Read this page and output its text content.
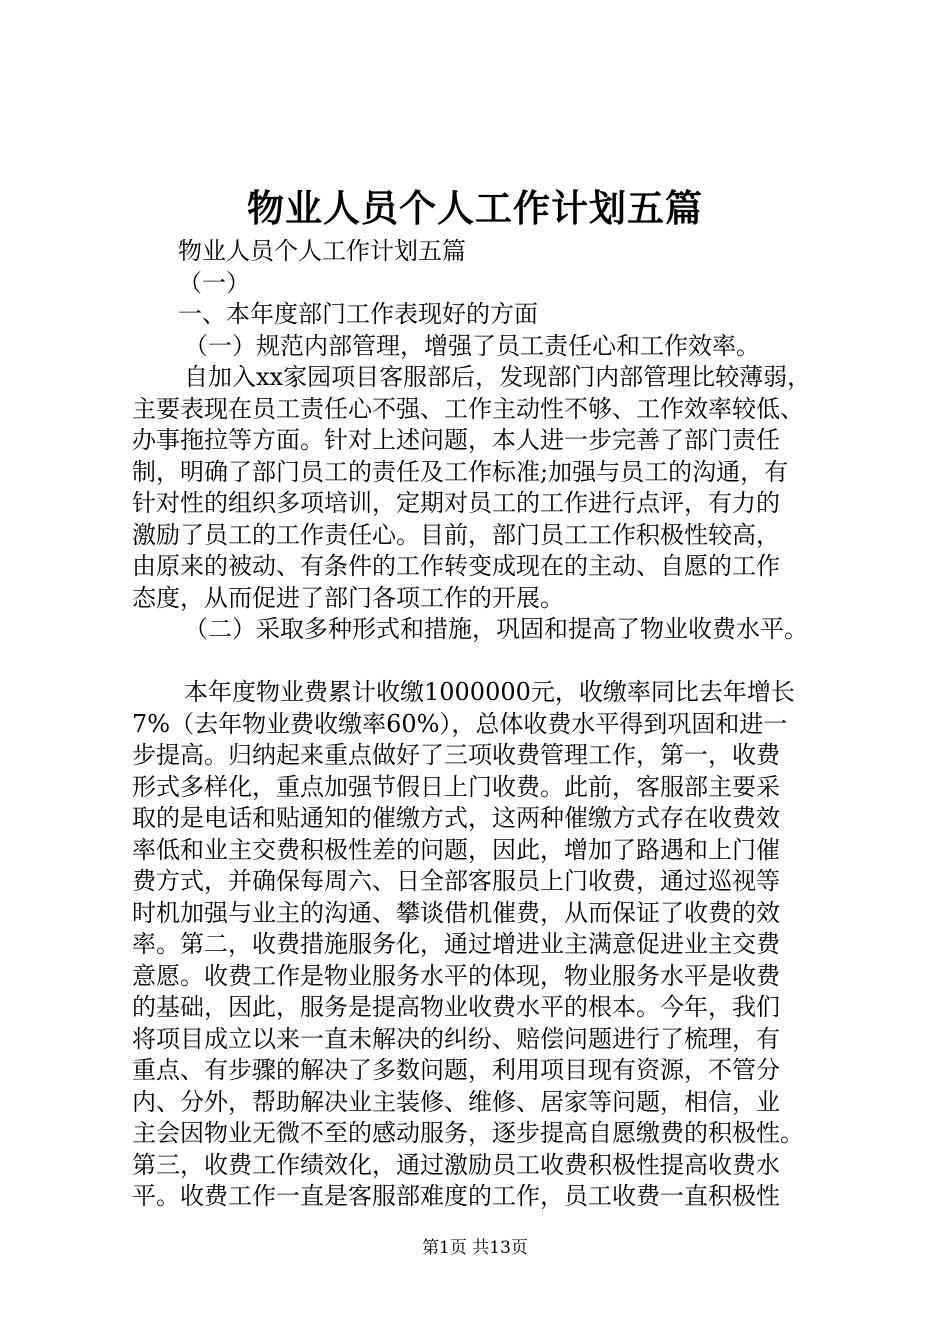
物业人员个人工作计划五篇
物业人员个人工作计划五篇
（一）
一、本年度部门工作表现好的方面
（一）规范内部管理，增强了员工责任心和工作效率。
自加入xx家园项目客服部后，发现部门内部管理比较薄弱，
主要表现在员工责任心不强、工作主动性不够、工作效率较低、
办事拖拉等方面。针对上述问题，本人进一步完善了部门责任
制，明确了部门员工的责任及工作标准;加强与员工的沟通，有
针对性的组织多项培训，定期对员工的工作进行点评，有力的
激励了员工的工作责任心。目前，部门员工工作积极性较高，
由原来的被动、有条件的工作转变成现在的主动、自愿的工作
态度，从而促进了部门各项工作的开展。
（二）采取多种形式和措施，巩固和提高了物业收费水平。
本年度物业费累计收缴1000000元，收缴率同比去年增长
7%（去年物业费收缴率60%），总体收费水平得到巩固和进一
步提高。归纳起来重点做好了三项收费管理工作，第一，收费
形式多样化，重点加强节假日上门收费。此前，客服部主要采
取的是电话和贴通知的催缴方式，这两种催缴方式存在收费效
率低和业主交费积极性差的问题，因此，增加了路遇和上门催
费方式，并确保每周六、日全部客服员上门收费，通过巡视等
时机加强与业主的沟通、攀谈借机催费，从而保证了收费的效
率。第二，收费措施服务化，通过增进业主满意促进业主交费
意愿。收费工作是物业服务水平的体现，物业服务水平是收费
的基础，因此，服务是提高物业收费水平的根本。今年，我们
将项目成立以来一直未解决的纠纷、赔偿问题进行了梳理，有
重点、有步骤的解决了多数问题，利用项目现有资源，不管分
内、分外，帮助解决业主装修、维修、居家等问题，相信，业
主会因物业无微不至的感动服务，逐步提高自愿缴费的积极性。
第三，收费工作绩效化，通过激励员工收费积极性提高收费水
平。收费工作一直是客服部难度的工作，员工收费一直积极性
第1页 共13页
